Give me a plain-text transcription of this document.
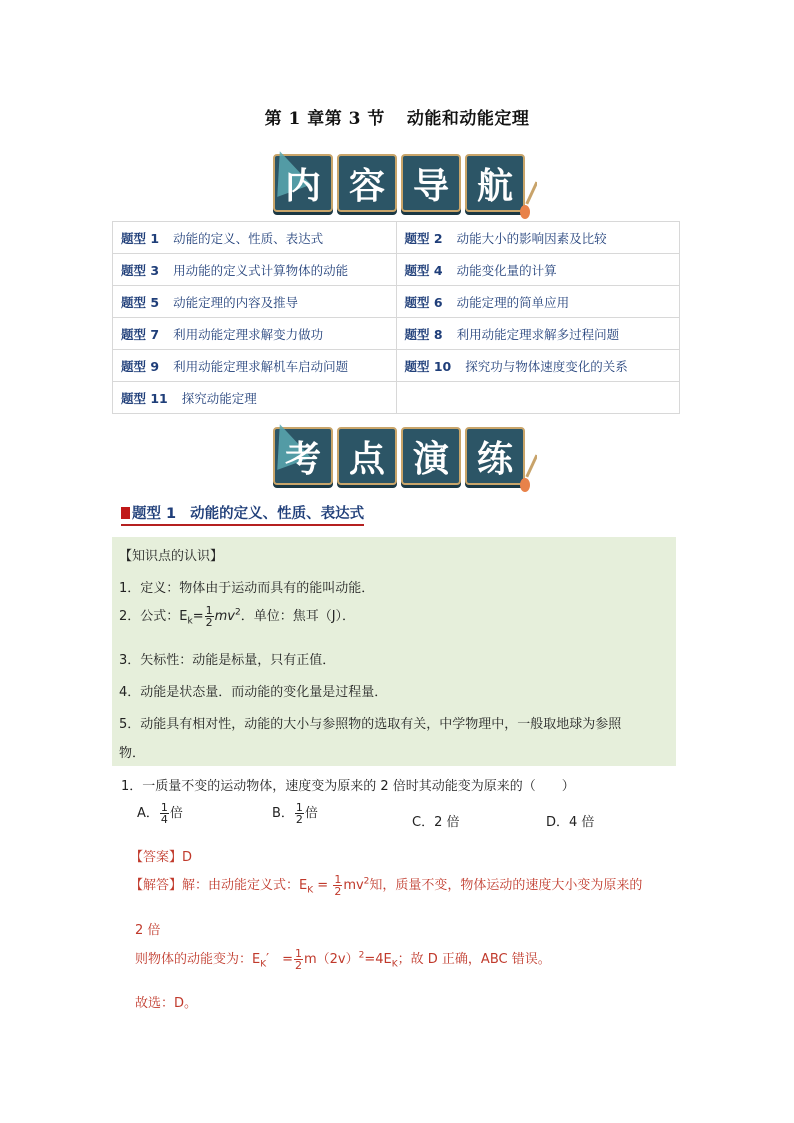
第 1 章第 3 节 动能和动能定理
内 容 导 航
题型 1 动能的定义、性质、表达式	题型 2 动能大小的影响因素及比较
题型 3 用动能的定义式计算物体的动能	题型 4 动能变化量的计算
题型 5 动能定理的内容及推导	题型 6 动能定理的简单应用
题型 7 利用动能定理求解变力做功	题型 8 利用动能定理求解多过程问题
题型 9 利用动能定理求解机车启动问题	题型 10 探究功与物体速度变化的关系
题型 11 探究动能定理	
考 点 演 练
题型 1 动能的定义、性质、表达式
【知识点的认识】
1．定义：物体由于运动而具有的能叫动能．
2．公式：$E_k= \frac{1}{2} mv^2$．单位：焦耳（J）．
3．矢标性：动能是标量，只有正值．
4．动能是状态量．而动能的变化量是过程量．
5．动能具有相对性，动能的大小与参照物的选取有关，中学物理中，一般取地球为参照
物．
1．一质量不变的运动物体，速度变为原来的 2 倍时其动能变为原来的（　　）
A． $\frac{1}{4}$ 倍	B． $\frac{1}{2}$ 倍
C．2 倍	D．4 倍
【答案】D
【解答】解：由动能定义式：$E_K = \frac{1}{2} mv^2$知，质量不变，物体运动的速度大小变为原来的
2 倍
则物体的动能变为：$E_K'$　= $\frac{1}{2} m(2v)^2=4E_K$；故 D 正确，ABC 错误。
故选：D。
